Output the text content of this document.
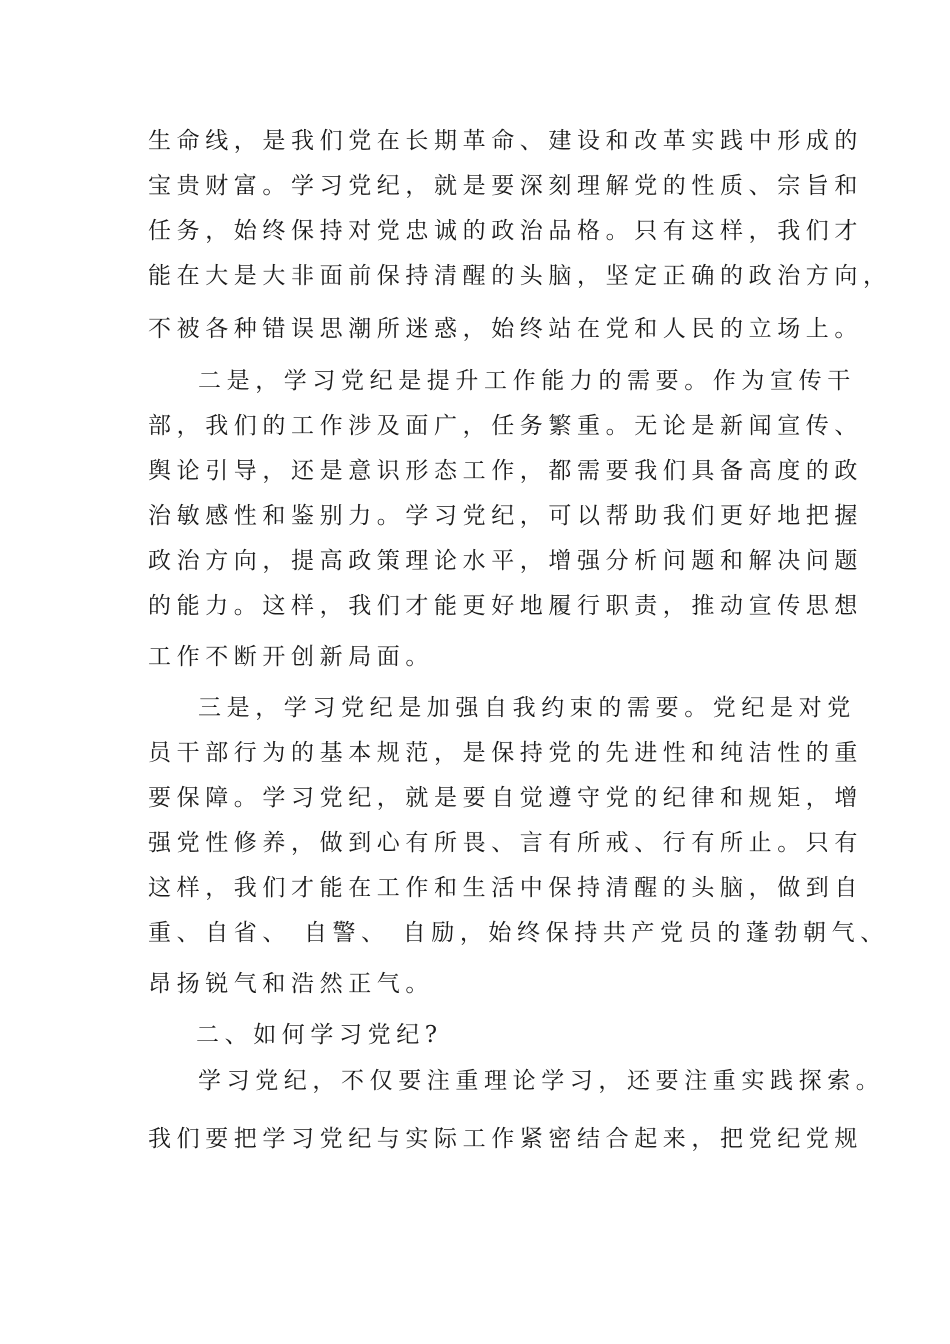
生命线，是我们党在长期革命、建设和改革实践中形成的
宝贵财富。学习党纪，就是要深刻理解党的性质、宗旨和
任务，始终保持对党忠诚的政治品格。只有这样，我们才
能在大是大非面前保持清醒的头脑，坚定正确的政治方向，
不被各种错误思潮所迷惑，始终站在党和人民的立场上。
二是，学习党纪是提升工作能力的需要。作为宣传干
部，我们的工作涉及面广，任务繁重。无论是新闻宣传、
舆论引导，还是意识形态工作，都需要我们具备高度的政
治敏感性和鉴别力。学习党纪，可以帮助我们更好地把握
政治方向，提高政策理论水平，增强分析问题和解决问题
的能力。这样，我们才能更好地履行职责，推动宣传思想
工作不断开创新局面。
三是，学习党纪是加强自我约束的需要。党纪是对党
员干部行为的基本规范，是保持党的先进性和纯洁性的重
要保障。学习党纪，就是要自觉遵守党的纪律和规矩，增
强党性修养，做到心有所畏、言有所戒、行有所止。只有
这样，我们才能在工作和生活中保持清醒的头脑，做到自
重、自省、 自警、 自励，始终保持共产党员的蓬勃朝气、
昂扬锐气和浩然正气。
二、如何学习党纪?
学习党纪，不仅要注重理论学习，还要注重实践探索。
我们要把学习党纪与实际工作紧密结合起来，把党纪党规
